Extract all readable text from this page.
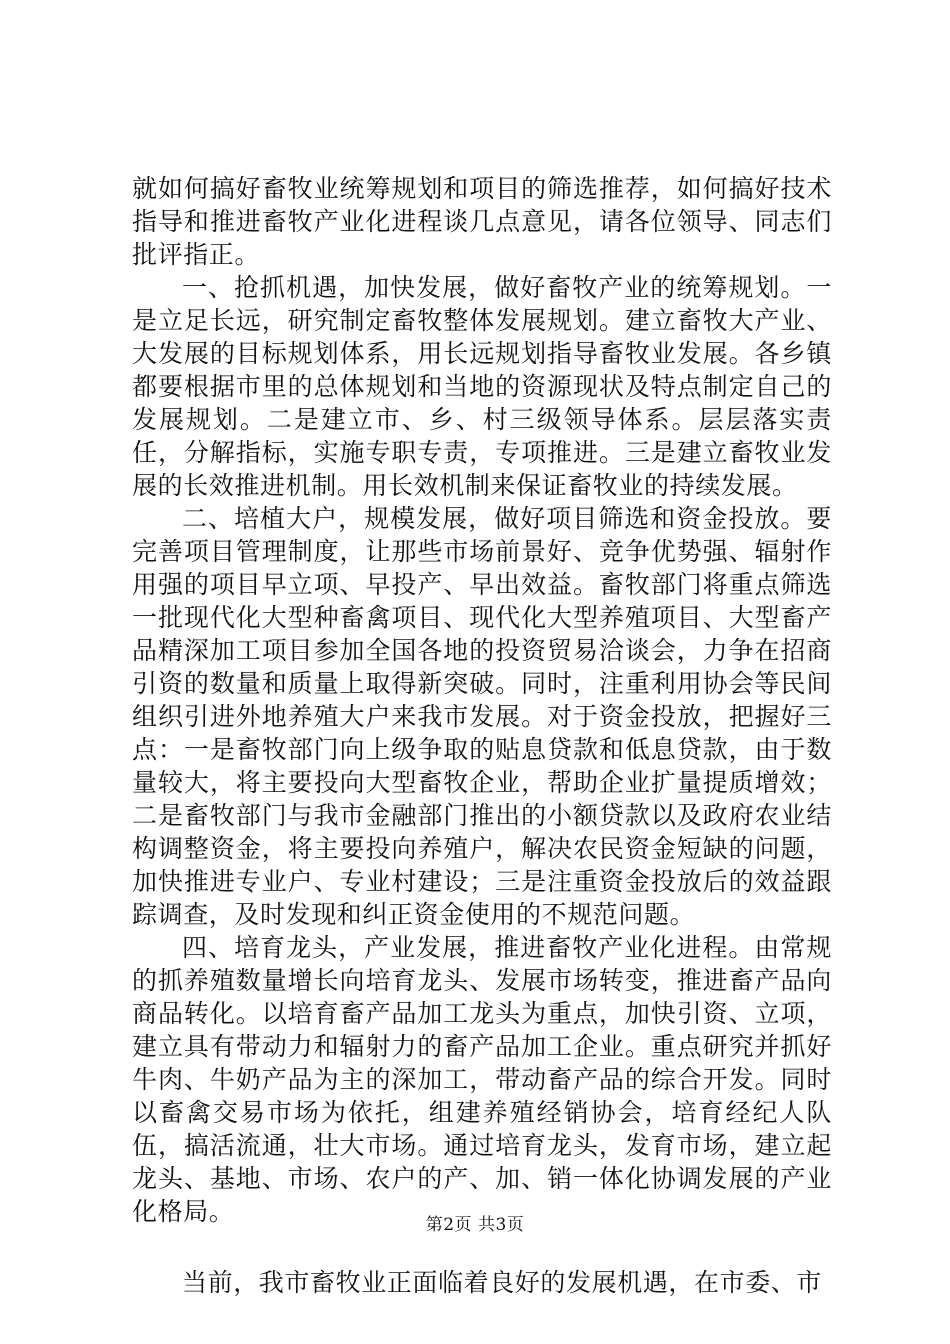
就如何搞好畜牧业统筹规划和项目的筛选推荐，如何搞好技术指导和推进畜牧产业化进程谈几点意见，请各位领导、同志们批评指正。

一、抢抓机遇，加快发展，做好畜牧产业的统筹规划。一是立足长远，研究制定畜牧整体发展规划。建立畜牧大产业、大发展的目标规划体系，用长远规划指导畜牧业发展。各乡镇都要根据市里的总体规划和当地的资源现状及特点制定自己的发展规划。二是建立市、乡、村三级领导体系。层层落实责任，分解指标，实施专职专责，专项推进。三是建立畜牧业发展的长效推进机制。用长效机制来保证畜牧业的持续发展。

二、培植大户，规模发展，做好项目筛选和资金投放。要完善项目管理制度，让那些市场前景好、竞争优势强、辐射作用强的项目早立项、早投产、早出效益。畜牧部门将重点筛选一批现代化大型种畜禽项目、现代化大型养殖项目、大型畜产品精深加工项目参加全国各地的投资贸易洽谈会，力争在招商引资的数量和质量上取得新突破。同时，注重利用协会等民间组织引进外地养殖大户来我市发展。对于资金投放，把握好三点：一是畜牧部门向上级争取的贴息贷款和低息贷款，由于数量较大，将主要投向大型畜牧企业，帮助企业扩量提质增效；二是畜牧部门与我市金融部门推出的小额贷款以及政府农业结构调整资金，将主要投向养殖户，解决农民资金短缺的问题，加快推进专业户、专业村建设；三是注重资金投放后的效益跟踪调查，及时发现和纠正资金使用的不规范问题。

四、培育龙头，产业发展，推进畜牧产业化进程。由常规的抓养殖数量增长向培育龙头、发展市场转变，推进畜产品向商品转化。以培育畜产品加工龙头为重点，加快引资、立项，建立具有带动力和辐射力的畜产品加工企业。重点研究并抓好牛肉、牛奶产品为主的深加工，带动畜产品的综合开发。同时以畜禽交易市场为依托，组建养殖经销协会，培育经纪人队伍，搞活流通，壮大市场。通过培育龙头，发育市场，建立起龙头、基地、市场、农户的产、加、销一体化协调发展的产业化格局。

当前，我市畜牧业正面临着良好的发展机遇，在市委、市

第2页 共3页
